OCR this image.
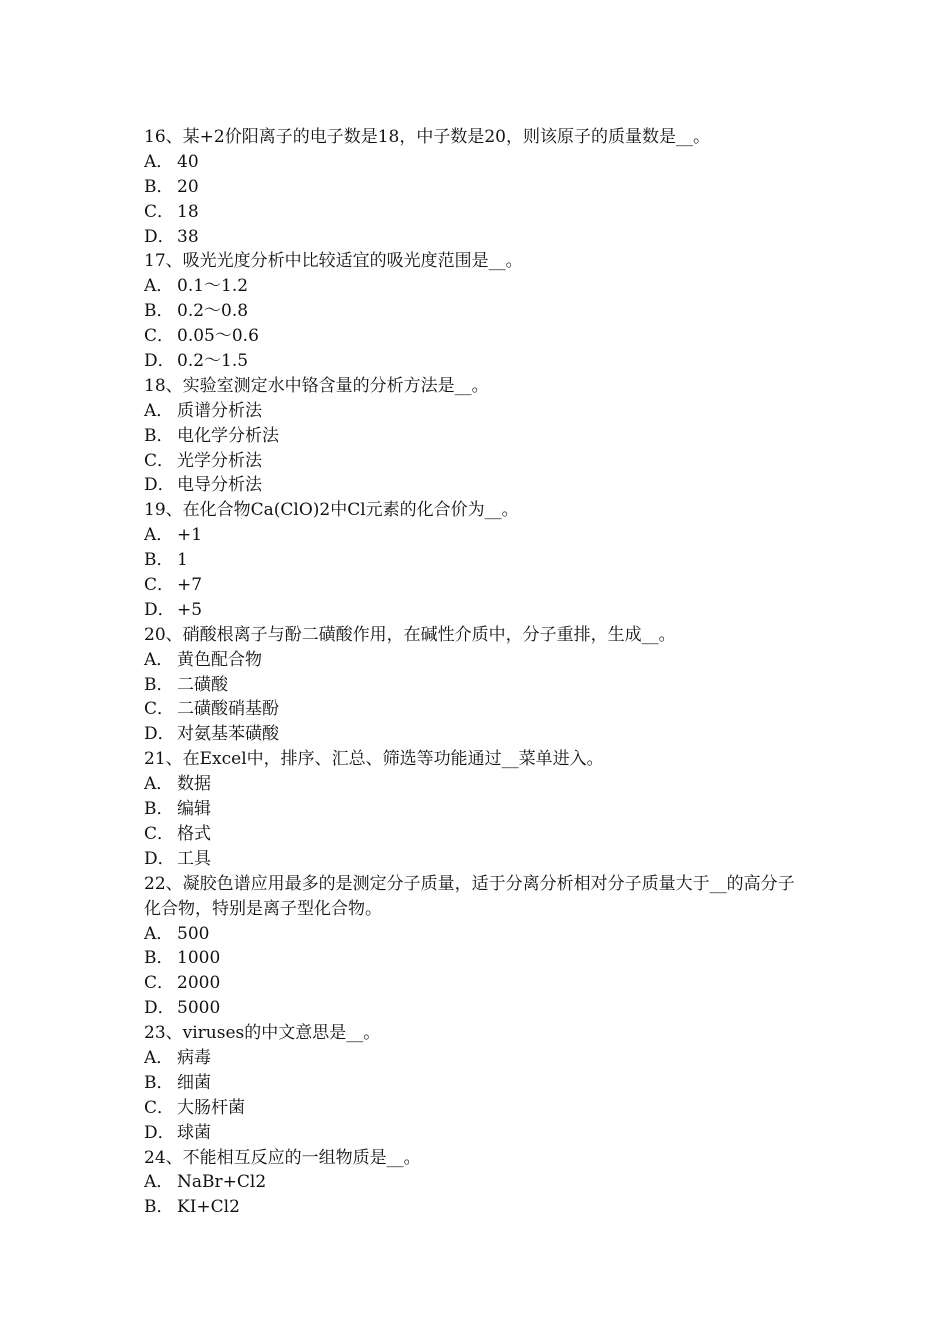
16、某+2价阳离子的电子数是18，中子数是20，则该原子的质量数是__。

A． 40

B． 20

C． 18

D． 38

17、吸光光度分析中比较适宜的吸光度范围是__。

A． 0.1～1.2

B． 0.2～0.8

C． 0.05～0.6

D． 0.2～1.5

18、实验室测定水中铬含量的分析方法是__。

A． 质谱分析法

B． 电化学分析法

C． 光学分析法

D． 电导分析法

19、在化合物Ca(ClO)2中Cl元素的化合价为__。

A． +1

B． 1

C． +7

D． +5

20、硝酸根离子与酚二磺酸作用，在碱性介质中，分子重排，生成__。

A． 黄色配合物

B． 二磺酸

C． 二磺酸硝基酚

D． 对氨基苯磺酸

21、在Excel中，排序、汇总、筛选等功能通过__菜单进入。

A． 数据

B． 编辑

C． 格式

D． 工具

22、凝胶色谱应用最多的是测定分子质量，适于分离分析相对分子质量大于__的高分子化合物，特别是离子型化合物。

A． 500

B． 1000

C． 2000

D． 5000

23、viruses的中文意思是__。

A． 病毒

B． 细菌

C． 大肠杆菌

D． 球菌

24、不能相互反应的一组物质是__。

A． NaBr+Cl2

B． KI+Cl2
